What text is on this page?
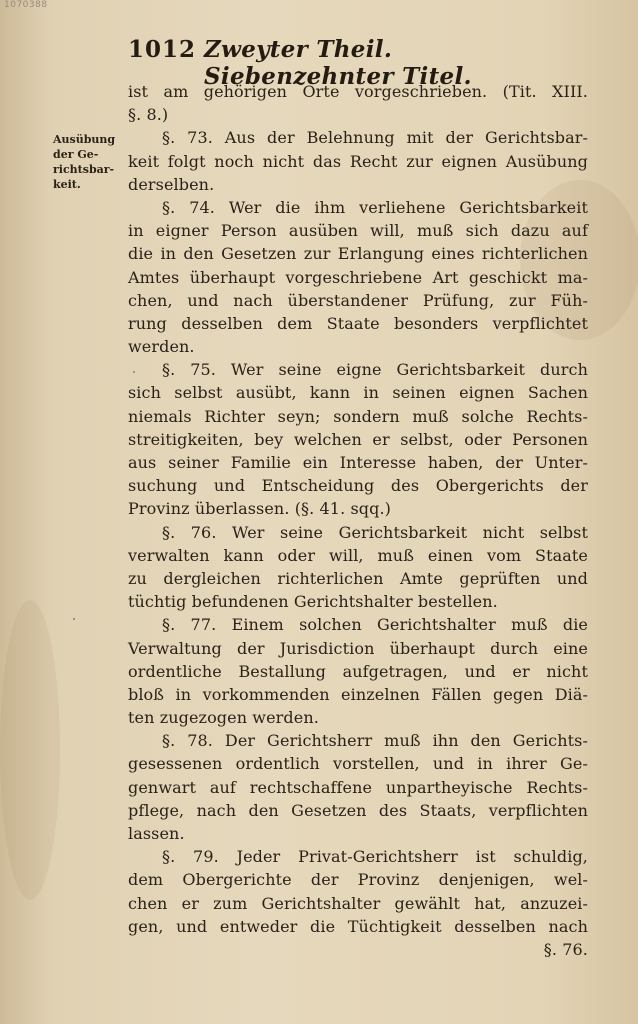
1070388
1012 Zweyter Theil. Siebenzehnter Titel.
Ausübung
der Ge-
richtsbar-
keit.
ist am gehörigen Orte vorgeschrieben. (Tit. XIII.
§. 8.)
§. 73. Aus der Belehnung mit der Gerichtsbar-
keit folgt noch nicht das Recht zur eignen Ausübung
derselben.
§. 74. Wer die ihm verliehene Gerichtsbarkeit
in eigner Person ausüben will, muß sich dazu auf
die in den Gesetzen zur Erlangung eines richterlichen
Amtes überhaupt vorgeschriebene Art geschickt ma-
chen, und nach überstandener Prüfung, zur Füh-
rung desselben dem Staate besonders verpflichtet
werden.
§. 75. Wer seine eigne Gerichtsbarkeit durch
sich selbst ausübt, kann in seinen eignen Sachen
niemals Richter seyn; sondern muß solche Rechts-
streitigkeiten, bey welchen er selbst, oder Personen
aus seiner Familie ein Interesse haben, der Unter-
suchung und Entscheidung des Obergerichts der
Provinz überlassen. (§. 41. sqq.)
§. 76. Wer seine Gerichtsbarkeit nicht selbst
verwalten kann oder will, muß einen vom Staate
zu dergleichen richterlichen Amte geprüften und
tüchtig befundenen Gerichtshalter bestellen.
§. 77. Einem solchen Gerichtshalter muß die
Verwaltung der Jurisdiction überhaupt durch eine
ordentliche Bestallung aufgetragen, und er nicht
bloß in vorkommenden einzelnen Fällen gegen Diä-
ten zugezogen werden.
§. 78. Der Gerichtsherr muß ihn den Gerichts-
gesessenen ordentlich vorstellen, und in ihrer Ge-
genwart auf rechtschaffene unpartheyische Rechts-
pflege, nach den Gesetzen des Staats, verpflichten
lassen.
§. 79. Jeder Privat-Gerichtsherr ist schuldig,
dem Obergerichte der Provinz denjenigen, wel-
chen er zum Gerichtshalter gewählt hat, anzuzei-
gen, und entweder die Tüchtigkeit desselben nach
§. 76.
